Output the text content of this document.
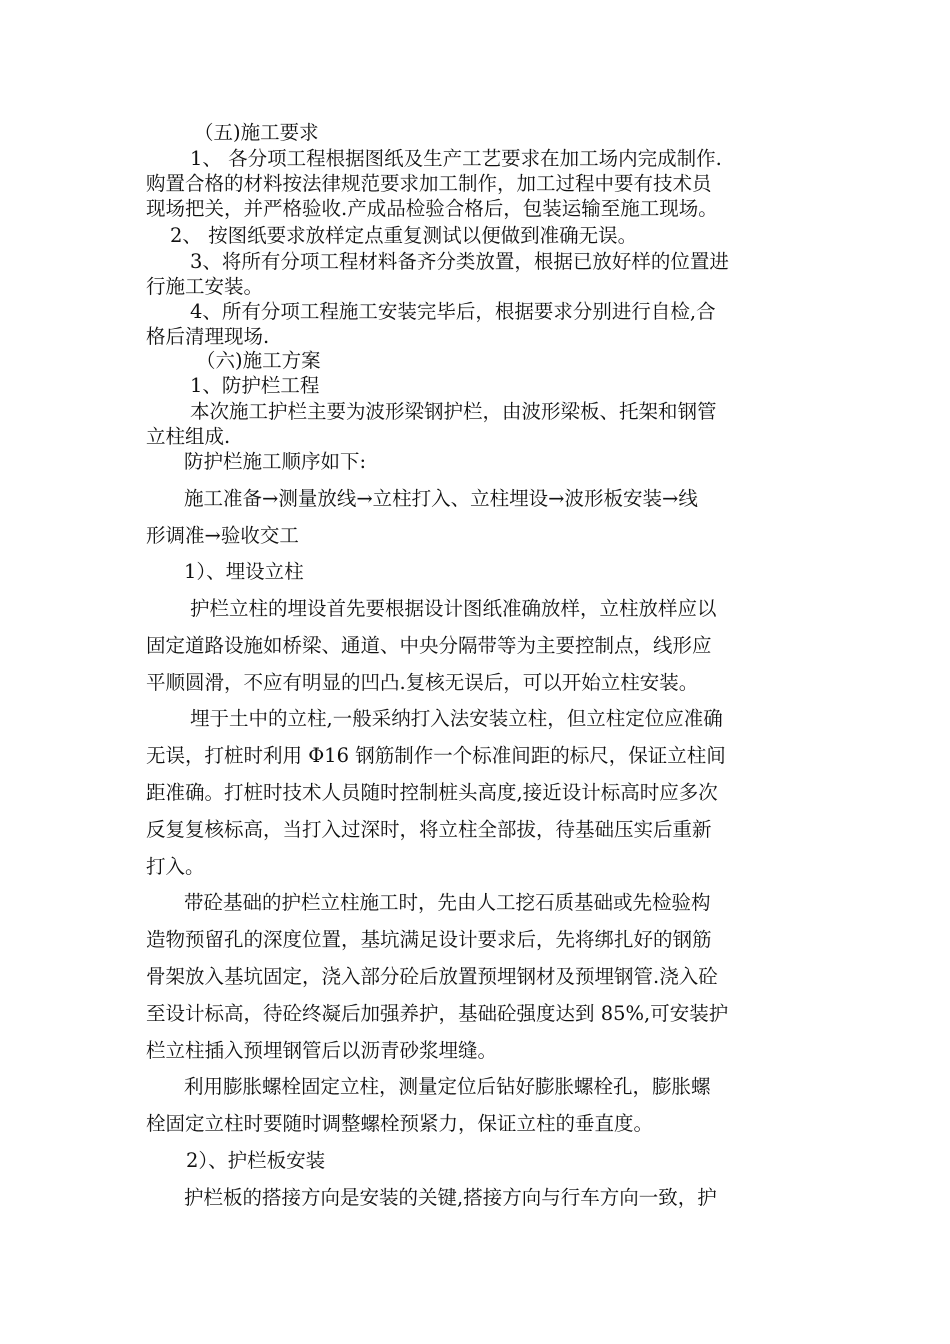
（五)施工要求
1、 各分项工程根据图纸及生产工艺要求在加工场内完成制作.
购置合格的材料按法律规范要求加工制作，加工过程中要有技术员
现场把关，并严格验收.产成品检验合格后，包装运输至施工现场。
2、 按图纸要求放样定点重复测试以便做到准确无误。
3、将所有分项工程材料备齐分类放置，根据已放好样的位置进
行施工安装。
4、所有分项工程施工安装完毕后，根据要求分别进行自检,合
格后清理现场.
（六)施工方案
1、防护栏工程
本次施工护栏主要为波形梁钢护栏，由波形梁板、托架和钢管
立柱组成.
防护栏施工顺序如下:
施工准备→测量放线→立柱打入、立柱埋设→波形板安装→线
形调准→验收交工
1）、埋设立柱
护栏立柱的埋设首先要根据设计图纸准确放样，立柱放样应以
固定道路设施如桥梁、通道、中央分隔带等为主要控制点，线形应
平顺圆滑，不应有明显的凹凸.复核无误后，可以开始立柱安装。
埋于土中的立柱,一般采纳打入法安装立柱，但立柱定位应准确
无误，打桩时利用 Φ16 钢筋制作一个标准间距的标尺，保证立柱间
距准确。打桩时技术人员随时控制桩头高度,接近设计标高时应多次
反复复核标高，当打入过深时，将立柱全部拔，待基础压实后重新
打入。
带砼基础的护栏立柱施工时，先由人工挖石质基础或先检验构
造物预留孔的深度位置，基坑满足设计要求后，先将绑扎好的钢筋
骨架放入基坑固定，浇入部分砼后放置预埋钢材及预埋钢管.浇入砼
至设计标高，待砼终凝后加强养护，基础砼强度达到 85%,可安装护
栏立柱插入预埋钢管后以沥青砂浆埋缝。
利用膨胀螺栓固定立柱，测量定位后钻好膨胀螺栓孔，膨胀螺
栓固定立柱时要随时调整螺栓预紧力，保证立柱的垂直度。
2）、护栏板安装
护栏板的搭接方向是安装的关键,搭接方向与行车方向一致，护
